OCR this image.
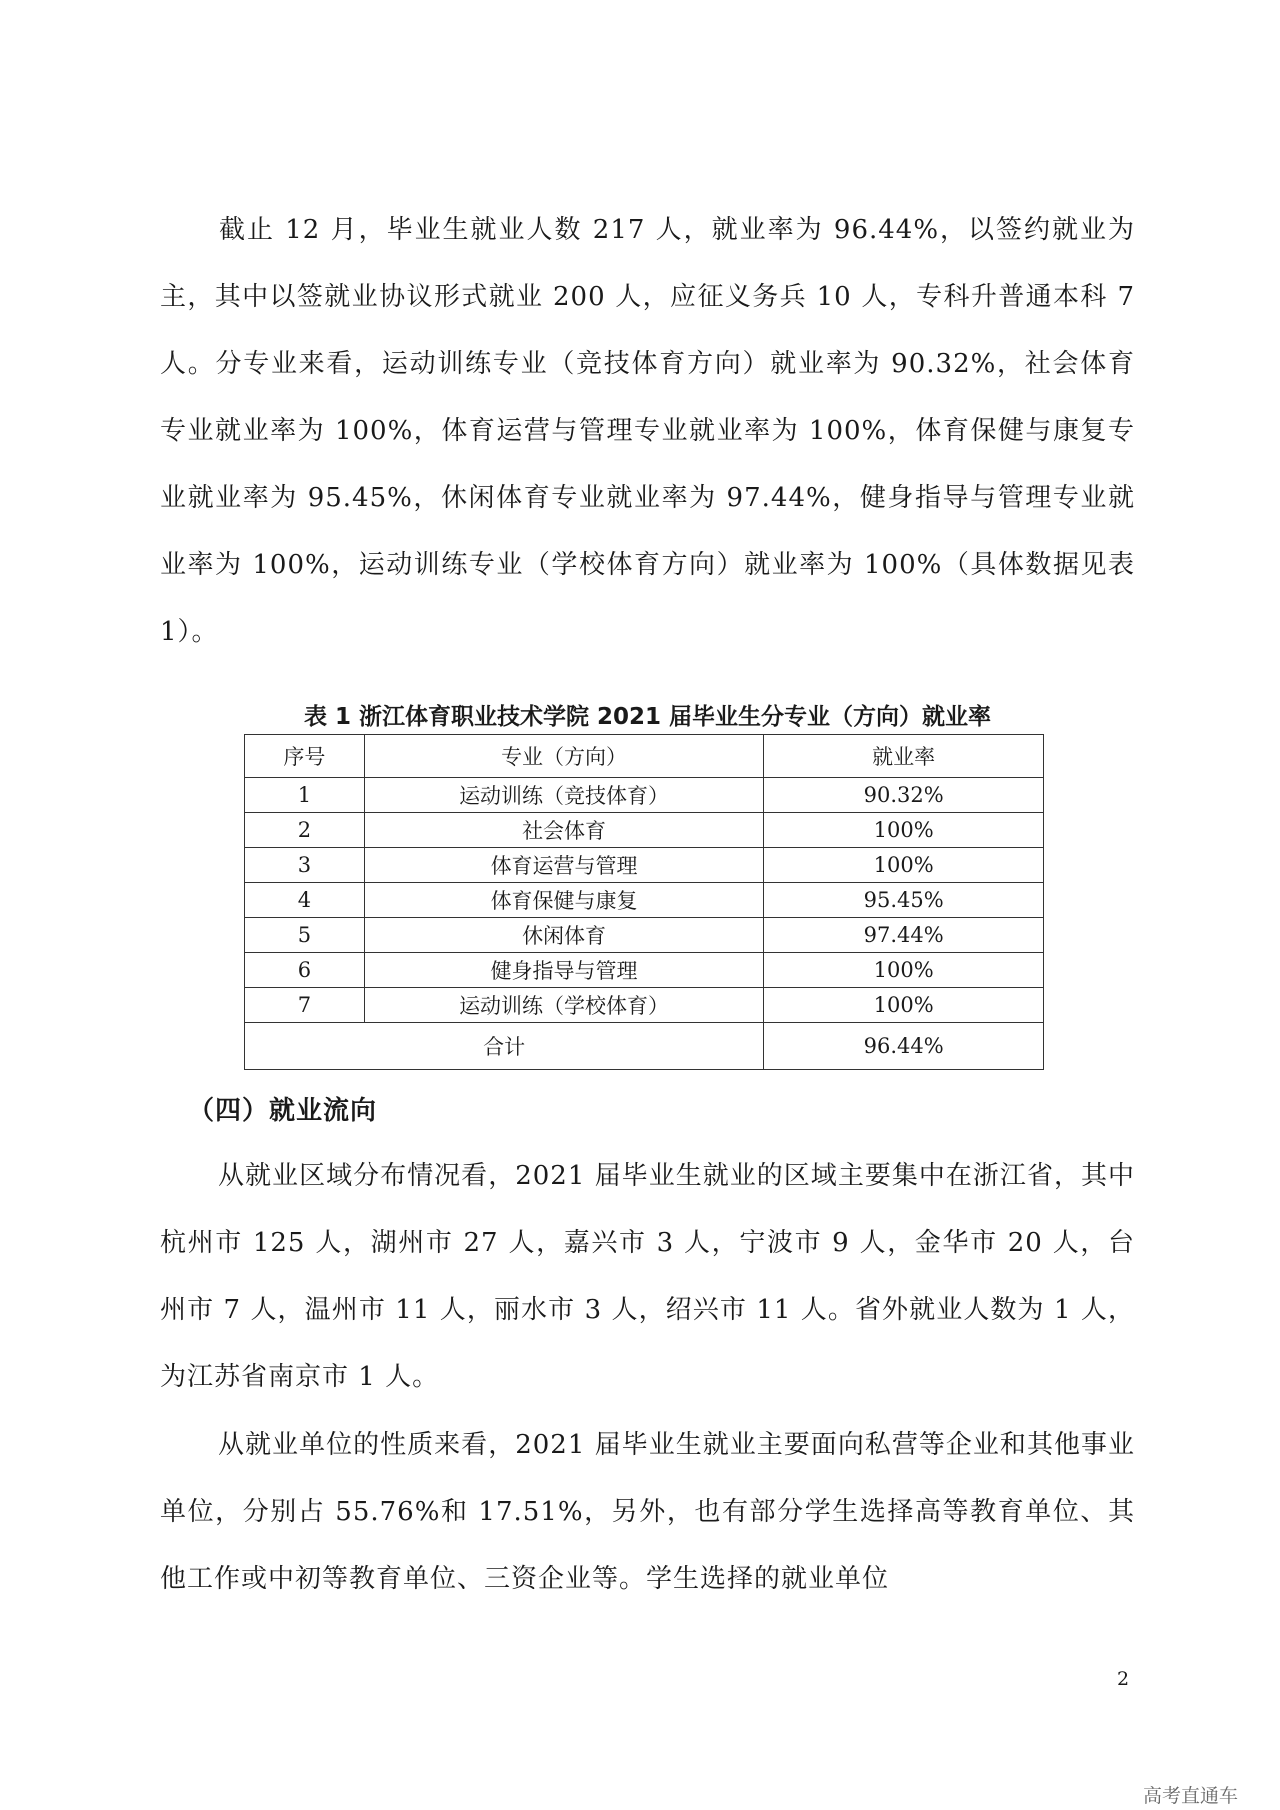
截止 12 月，毕业生就业人数 217 人，就业率为 96.44%，以签约就业为主，其中以签就业协议形式就业 200 人，应征义务兵 10 人，专科升普通本科 7 人。分专业来看，运动训练专业（竞技体育方向）就业率为 90.32%，社会体育专业就业率为 100%，体育运营与管理专业就业率为 100%，体育保健与康复专业就业率为 95.45%，休闲体育专业就业率为 97.44%，健身指导与管理专业就业率为 100%，运动训练专业（学校体育方向）就业率为 100%（具体数据见表 1）。
表 1 浙江体育职业技术学院 2021 届毕业生分专业（方向）就业率
序号	专业（方向）	就业率
1	运动训练（竞技体育）	90.32%
2	社会体育	100%
3	体育运营与管理	100%
4	体育保健与康复	95.45%
5	休闲体育	97.44%
6	健身指导与管理	100%
7	运动训练（学校体育）	100%
合计		96.44%
（四）就业流向
从就业区域分布情况看，2021 届毕业生就业的区域主要集中在浙江省，其中杭州市 125 人，湖州市 27 人，嘉兴市 3 人，宁波市 9 人，金华市 20 人，台州市 7 人，温州市 11 人，丽水市 3 人，绍兴市 11 人。省外就业人数为 1 人，为江苏省南京市 1 人。
从就业单位的性质来看，2021 届毕业生就业主要面向私营等企业和其他事业单位，分别占 55.76%和 17.51%，另外，也有部分学生选择高等教育单位、其他工作或中初等教育单位、三资企业等。学生选择的就业单位
2
高考直通车
